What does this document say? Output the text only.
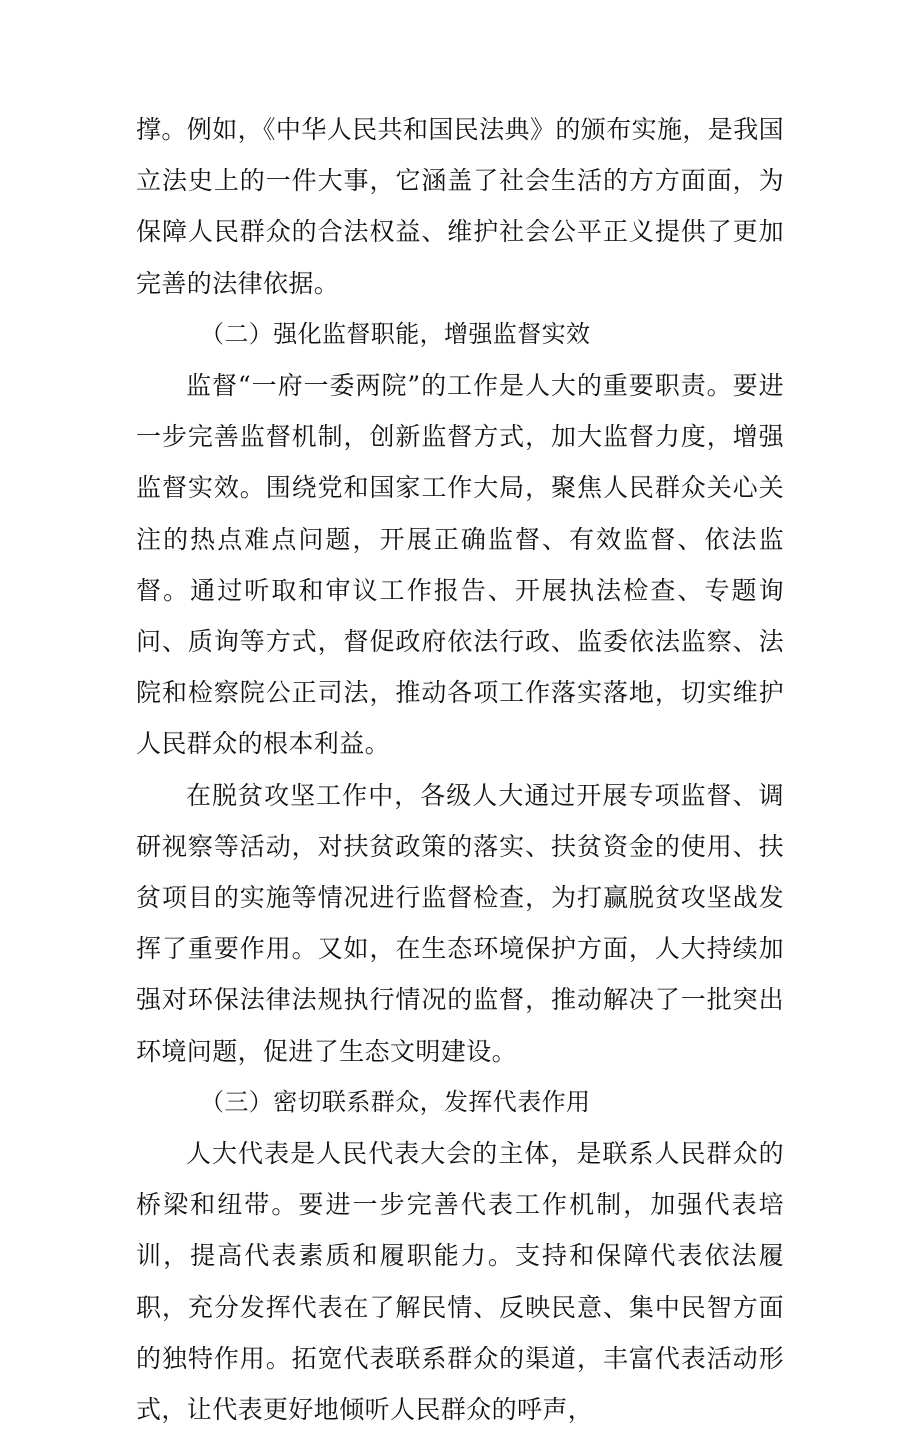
撑。例如，《中华人民共和国民法典》的颁布实施，是我国立法史上的一件大事，它涵盖了社会生活的方方面面，为保障人民群众的合法权益、维护社会公平正义提供了更加完善的法律依据。

（二）强化监督职能，增强监督实效

监督“一府一委两院”的工作是人大的重要职责。要进一步完善监督机制，创新监督方式，加大监督力度，增强监督实效。围绕党和国家工作大局，聚焦人民群众关心关注的热点难点问题，开展正确监督、有效监督、依法监督。通过听取和审议工作报告、开展执法检查、专题询问、质询等方式，督促政府依法行政、监委依法监察、法院和检察院公正司法，推动各项工作落实落地，切实维护人民群众的根本利益。

在脱贫攻坚工作中，各级人大通过开展专项监督、调研视察等活动，对扶贫政策的落实、扶贫资金的使用、扶贫项目的实施等情况进行监督检查，为打赢脱贫攻坚战发挥了重要作用。又如，在生态环境保护方面，人大持续加强对环保法律法规执行情况的监督，推动解决了一批突出环境问题，促进了生态文明建设。

（三）密切联系群众，发挥代表作用

人大代表是人民代表大会的主体，是联系人民群众的桥梁和纽带。要进一步完善代表工作机制，加强代表培训，提高代表素质和履职能力。支持和保障代表依法履职，充分发挥代表在了解民情、反映民意、集中民智方面的独特作用。拓宽代表联系群众的渠道，丰富代表活动形式，让代表更好地倾听人民群众的呼声，
